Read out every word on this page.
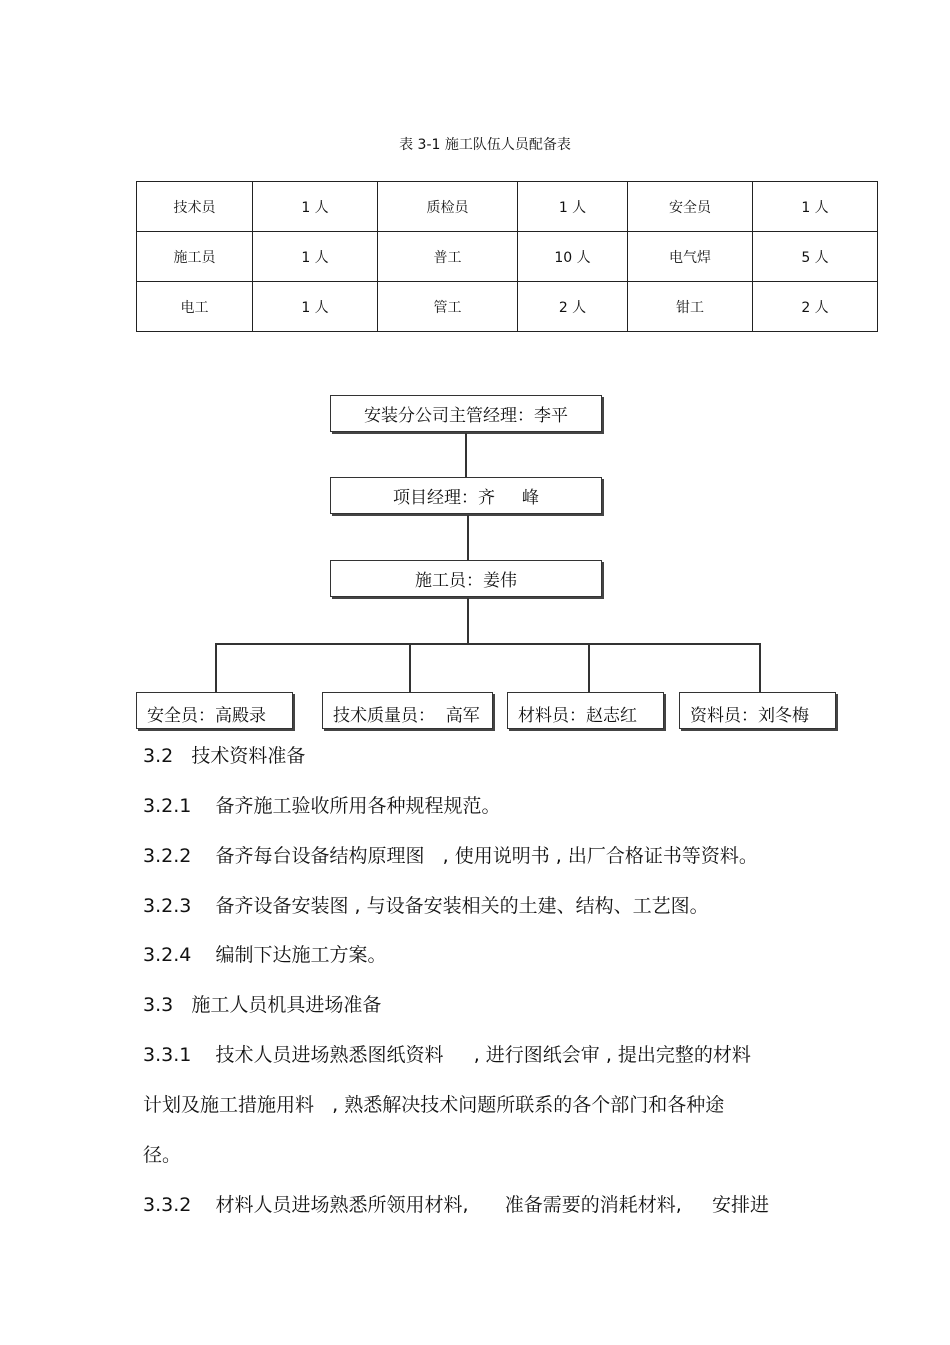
表 3-1 施工队伍人员配备表
技术员	1 人	质检员	1 人	安全员	1 人
施工员	1 人	普工	10 人	电气焊	5 人
电工	1 人	管工	2 人	钳工	2 人
安装分公司主管经理：李平
项目经理：齐     峰
施工员：姜伟
安全员：高殿录	技术质量员：  高军	材料员：赵志红	资料员：刘冬梅
3.2   技术资料准备
3.2.1    备齐施工验收所用各种规程规范。
3.2.2    备齐每台设备结构原理图   , 使用说明书 , 出厂合格证书等资料。
3.2.3    备齐设备安装图 , 与设备安装相关的土建、结构、工艺图。
3.2.4    编制下达施工方案。
3.3   施工人员机具进场准备
3.3.1    技术人员进场熟悉图纸资料     , 进行图纸会审 , 提出完整的材料
计划及施工措施用料   , 熟悉解决技术问题所联系的各个部门和各种途
径。
3.3.2    材料人员进场熟悉所领用材料,      准备需要的消耗材料,     安排进
